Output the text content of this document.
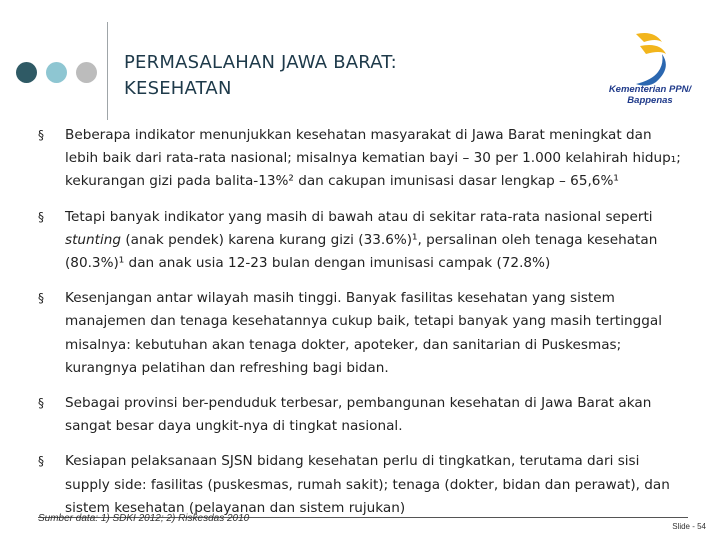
PERMASALAHAN JAWA BARAT:
KESEHATAN	Kementerian PPN/
Bappenas
§ Beberapa indikator menunjukkan kesehatan masyarakat di Jawa Barat meningkat dan lebih baik dari rata-rata nasional; misalnya kematian bayi – 30 per 1.000 kelahirah hidup₁; kekurangan gizi pada balita-13%² dan cakupan imunisasi dasar lengkap – 65,6%¹
§ Tetapi banyak indikator yang masih di bawah atau di sekitar rata-rata nasional seperti stunting (anak pendek) karena kurang gizi (33.6%)¹, persalinan oleh tenaga kesehatan (80.3%)¹ dan anak usia 12-23 bulan dengan imunisasi campak (72.8%)
§ Kesenjangan antar wilayah masih tinggi. Banyak fasilitas kesehatan yang sistem manajemen dan tenaga kesehatannya cukup baik, tetapi banyak yang masih tertinggal misalnya: kebutuhan akan tenaga dokter, apoteker, dan sanitarian di Puskesmas; kurangnya pelatihan dan refreshing bagi bidan.
§ Sebagai provinsi ber-penduduk terbesar, pembangunan kesehatan di Jawa Barat akan sangat besar daya ungkit-nya di tingkat nasional.
§ Kesiapan pelaksanaan SJSN bidang kesehatan perlu di tingkatkan, terutama dari sisi supply side: fasilitas (puskesmas, rumah sakit); tenaga (dokter, bidan dan perawat), dan sistem kesehatan (pelayanan dan sistem rujukan)
Sumber data: 1) SDKI 2012; 2) Riskesdas 2010
Slide - 54
